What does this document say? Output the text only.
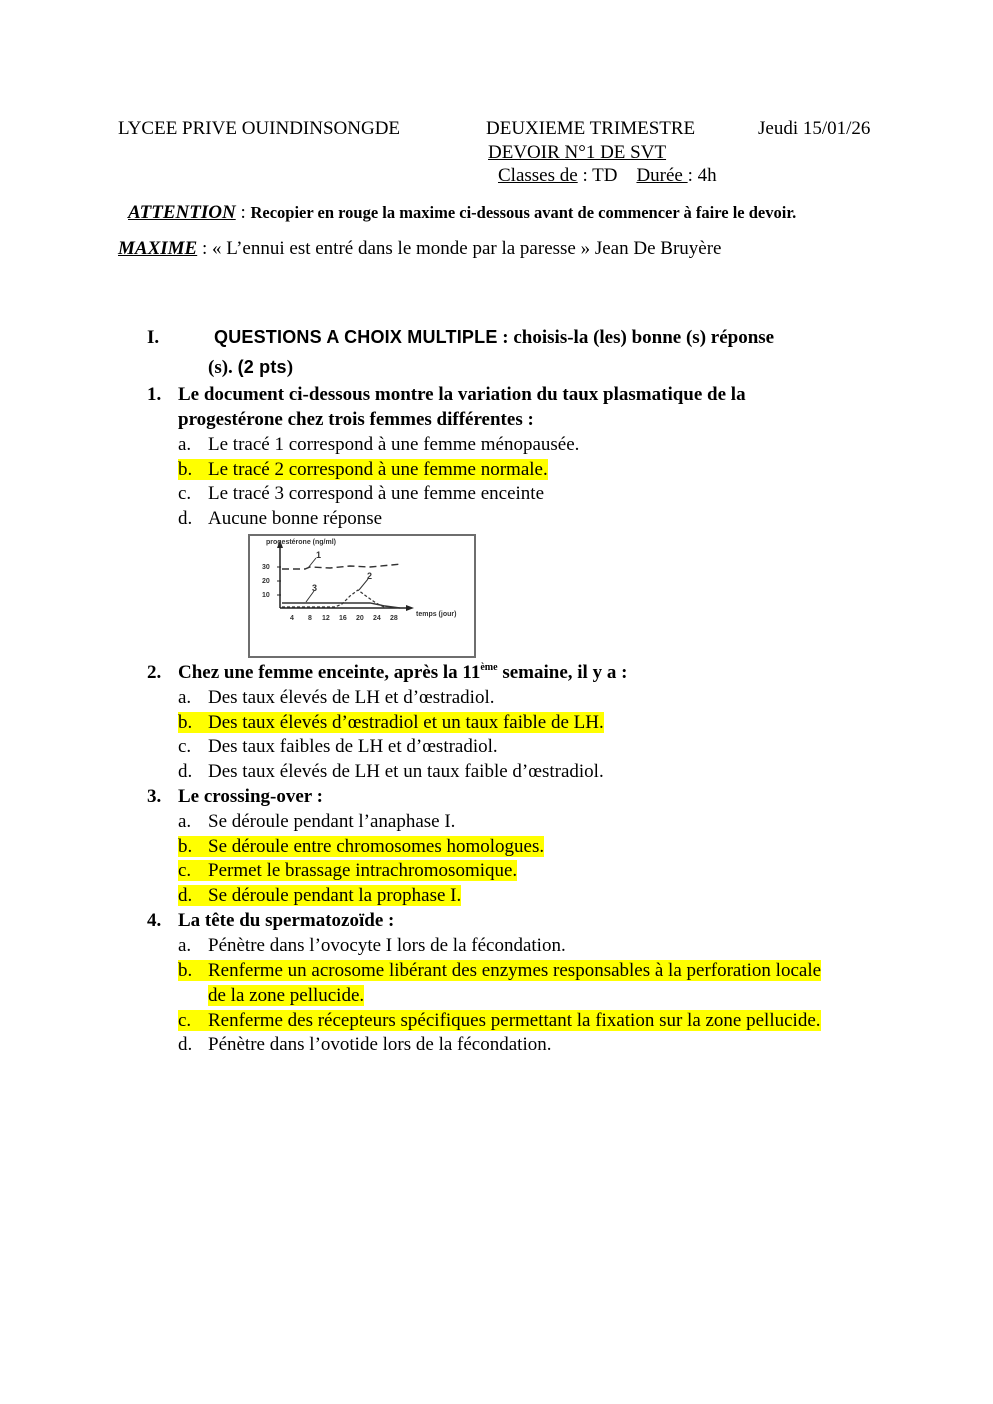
LYCEE PRIVE OUINDINSONGDE	DEUXIEME TRIMESTRE	Jeudi 15/01/26
DEVOIR N°1 DE SVT
Classes de : TD Durée : 4h
ATTENTION : Recopier en rouge la maxime ci-dessous avant de commencer à faire le devoir.
MAXIME : « L’ennui est entré dans le monde par la paresse » Jean De Bruyère
I.	QUESTIONS A CHOIX MULTIPLE : choisis-la (les) bonne (s) réponse
(s). (2 pts)
1. Le document ci-dessous montre la variation du taux plasmatique de la
progestérone chez trois femmes différentes :
a. Le tracé 1 correspond à une femme ménopausée.
b. Le tracé 2 correspond à une femme normale.
c. Le tracé 3 correspond à une femme enceinte
d. Aucune bonne réponse
30
20
10
4 8 12 16 20 24 28
progestérone (ng/ml)
temps (jour)
1
3
2
2. Chez une femme enceinte, après la 11ème semaine, il y a :
a. Des taux élevés de LH et d’œstradiol.
b. Des taux élevés d’œstradiol et un taux faible de LH.
c. Des taux faibles de LH et d’œstradiol.
d. Des taux élevés de LH et un taux faible d’œstradiol.
3. Le crossing-over :
a. Se déroule pendant l’anaphase I.
b. Se déroule entre chromosomes homologues.
c. Permet le brassage intrachromosomique.
d. Se déroule pendant la prophase I.
4. La tête du spermatozoïde :
a. Pénètre dans l’ovocyte I lors de la fécondation.
b. Renferme un acrosome libérant des enzymes responsables à la perforation locale
de la zone pellucide.
c. Renferme des récepteurs spécifiques permettant la fixation sur la zone pellucide.
d. Pénètre dans l’ovotide lors de la fécondation.
